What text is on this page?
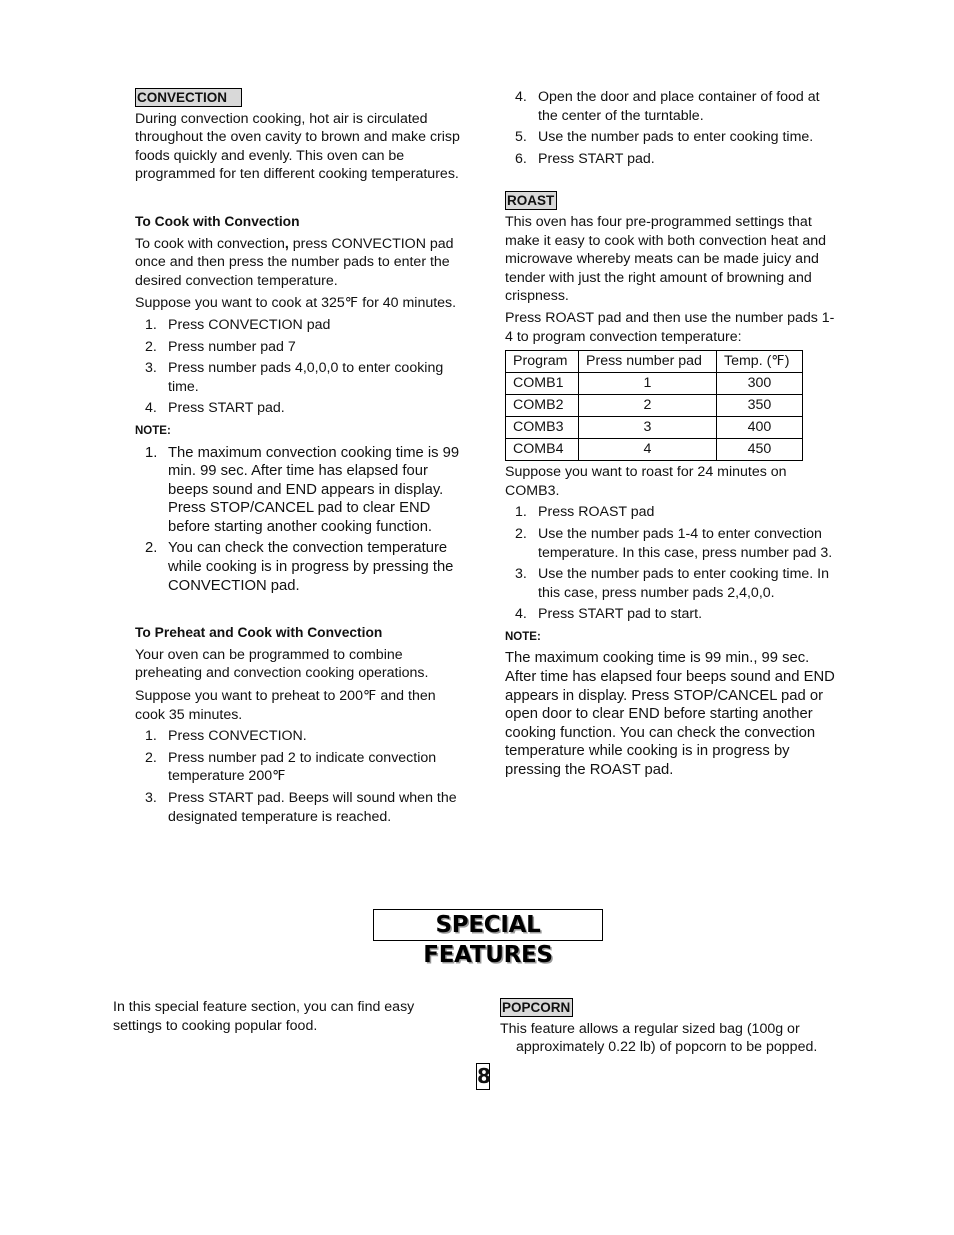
CONVECTION

During convection cooking, hot air is circulated throughout the oven cavity to brown and make crisp foods quickly and evenly. This oven can be programmed for ten different cooking temperatures.

To Cook with Convection

To cook with convection, press CONVECTION pad once and then press the number pads to enter the desired convection temperature.

Suppose you want to cook at 325℉ for 40 minutes.

1. Press CONVECTION pad
2. Press number pad 7
3. Press number pads 4,0,0,0 to enter cooking time.
4. Press START pad.
NOTE:
1. The maximum convection cooking time is 99 min. 99 sec. After time has elapsed four beeps sound and END appears in display. Press STOP/CANCEL pad to clear END before starting another cooking function.
2. You can check the convection temperature while cooking is in progress by pressing the CONVECTION pad.
To Preheat and Cook with Convection

Your oven can be programmed to combine preheating and convection cooking operations.

Suppose you want to preheat to 200℉ and then cook 35 minutes.

1. Press CONVECTION.
2. Press number pad 2 to indicate convection temperature 200℉
3. Press START pad. Beeps will sound when the designated temperature is reached.
4. Open the door and place container of food at the center of the turntable.
5. Use the number pads to enter cooking time.
6. Press START pad.
ROAST

This oven has four pre-programmed settings that make it easy to cook with both convection heat and microwave whereby meats can be made juicy and tender with just the right amount of browning and crispness.

Press ROAST pad and then use the number pads 1-4 to program convection temperature:

Program	Press number pad	Temp. (℉)
COMB1	1	300
COMB2	2	350
COMB3	3	400
COMB4	4	450

Suppose you want to roast for 24 minutes on COMB3.

1. Press ROAST pad
2. Use the number pads 1-4 to enter convection temperature. In this case, press number pad 3.
3. Use the number pads to enter cooking time. In this case, press number pads 2,4,0,0.
4. Press START pad to start.
NOTE:

The maximum cooking time is 99 min., 99 sec. After time has elapsed four beeps sound and END appears in display. Press STOP/CANCEL pad or open door to clear END before starting another cooking function. You can check the convection temperature while cooking is in progress by pressing the ROAST pad.

SPECIAL FEATURES

In this special feature section, you can find easy settings to cooking popular food.

POPCORN

This feature allows a regular sized bag (100g or

approximately 0.22 lb) of popcorn to be popped.

8
